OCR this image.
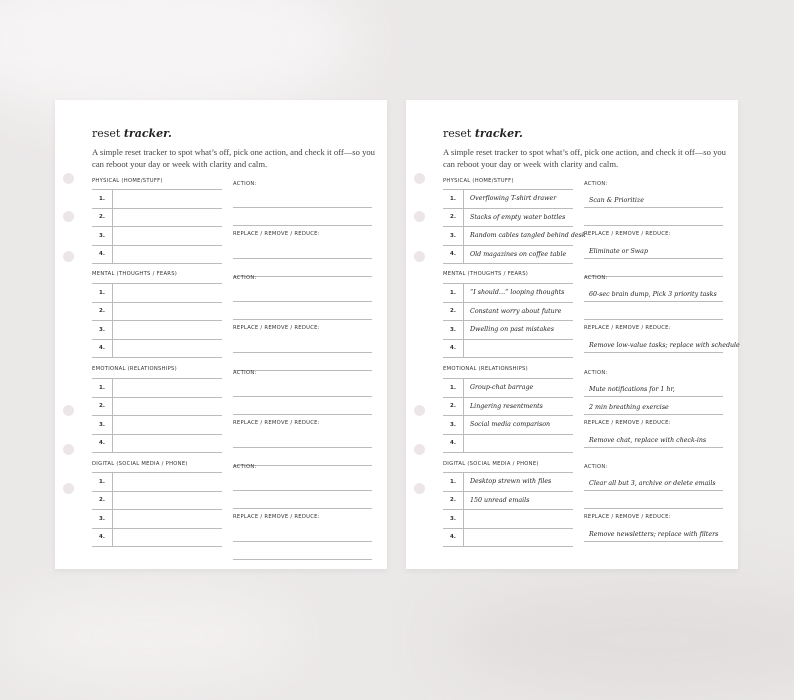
reset tracker.
A simple reset tracker to spot what’s off, pick one action, and check it off—so you can reboot your day or week with clarity and calm.
PHYSICAL (HOME/STUFF)	ACTION:
1.
2.
3.
4.
REPLACE / REMOVE / REDUCE:
MENTAL (THOUGHTS / FEARS)
ACTION:
1.
2.
3.
4.
REPLACE / REMOVE / REDUCE:
EMOTIONAL (RELATIONSHIPS)
ACTION:
1.
2.
3.
4.
REPLACE / REMOVE / REDUCE:
DIGITAL (SOCIAL MEDIA / PHONE)	ACTION:
1.
2.
3.
4.
REPLACE / REMOVE / REDUCE:
reset tracker.
A simple reset tracker to spot what’s off, pick one action, and check it off—so you can reboot your day or week with clarity and calm.
PHYSICAL (HOME/STUFF)	ACTION:
1.	Overflowing T-shirt drawer
2.	Stacks of empty water bottles
3.	Random cables tangled behind desk
4.	Old magazines on coffee table
Scan & Prioritize
REPLACE / REMOVE / REDUCE:
Eliminate or Swap
MENTAL (THOUGHTS / FEARS)
ACTION:
1.	“I should…” looping thoughts
2.	Constant worry about future
3.	Dwelling on past mistakes
4.
60-sec brain dump, Pick 3 priority tasks
REPLACE / REMOVE / REDUCE:
Remove low-value tasks; replace with schedule
EMOTIONAL (RELATIONSHIPS)
ACTION:
1.	Group-chat barrage
2.	Lingering resentments
3.	Social media comparison
4.
Mute notifications for 1 hr,
2 min breathing exercise
REPLACE / REMOVE / REDUCE:
Remove chat, replace with check-ins
DIGITAL (SOCIAL MEDIA / PHONE)	ACTION:
1.	Desktop strewn with files
2.	150 unread emails
3.
4.
Clear all but 3, archive or delete emails
REPLACE / REMOVE / REDUCE:
Remove newsletters; replace with filters
